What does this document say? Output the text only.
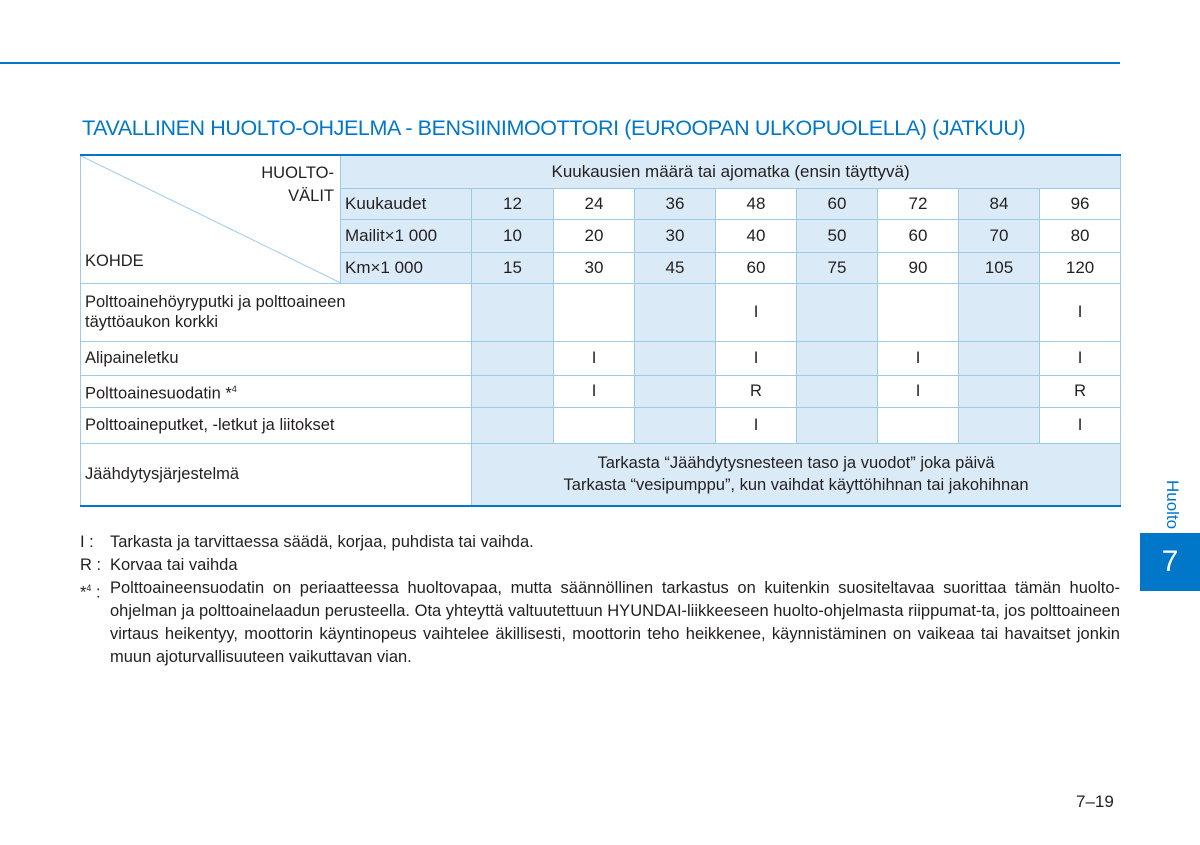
TAVALLINEN HUOLTO-OHJELMA - BENSIINIMOOTTORI (EUROOPAN ULKOPUOLELLA) (JATKUU)
HUOLTO-
VÄLIT
KOHDE	Kuukausien määrä tai ajomatka (ensin täyttyvä)								
	Kuukaudet	12	24	36	48	60	72	84	96
	Mailit×1 000	10	20	30	40	50	60	70	80
	Km×1 000	15	30	45	60	75	90	105	120

Polttoainehöyryputki ja polttoaineen
täyttöaukon korkki					I				I
Alipaineletku			I		I		I		I
Polttoainesuodatin *$^4$			I		R		I		R
Polttoaineputket, -letkut ja liitokset					I				I
Jäähdytysjärjestelmä		Tarkasta “Jäähdytysnesteen taso ja vuodot” joka päivä
Tarkasta “vesipumppu”, kun vaihdat käyttöhihnan tai jakohihnan							
I : Tarkasta ja tarvittaessa säädä, korjaa, puhdista tai vaihda.
R : Korvaa tai vaihda
*$^4$ : Polttoaineensuodatin on periaatteessa huoltovapaa, mutta säännöllinen tarkastus on kuitenkin suositeltavaa suorittaa tämän huolto-ohjelman ja polttoainelaadun perusteella. Ota yhteyttä valtuutettuun HYUNDAI-liikkeeseen huolto-ohjelmasta riippumat-ta, jos polttoaineen virtaus heikentyy, moottorin käyntinopeus vaihtelee äkillisesti, moottorin teho heikkenee, käynnistäminen on vaikeaa tai havaitset jonkin muun ajoturvallisuuteen vaikuttavan vian.
Huolto
7
7–19
